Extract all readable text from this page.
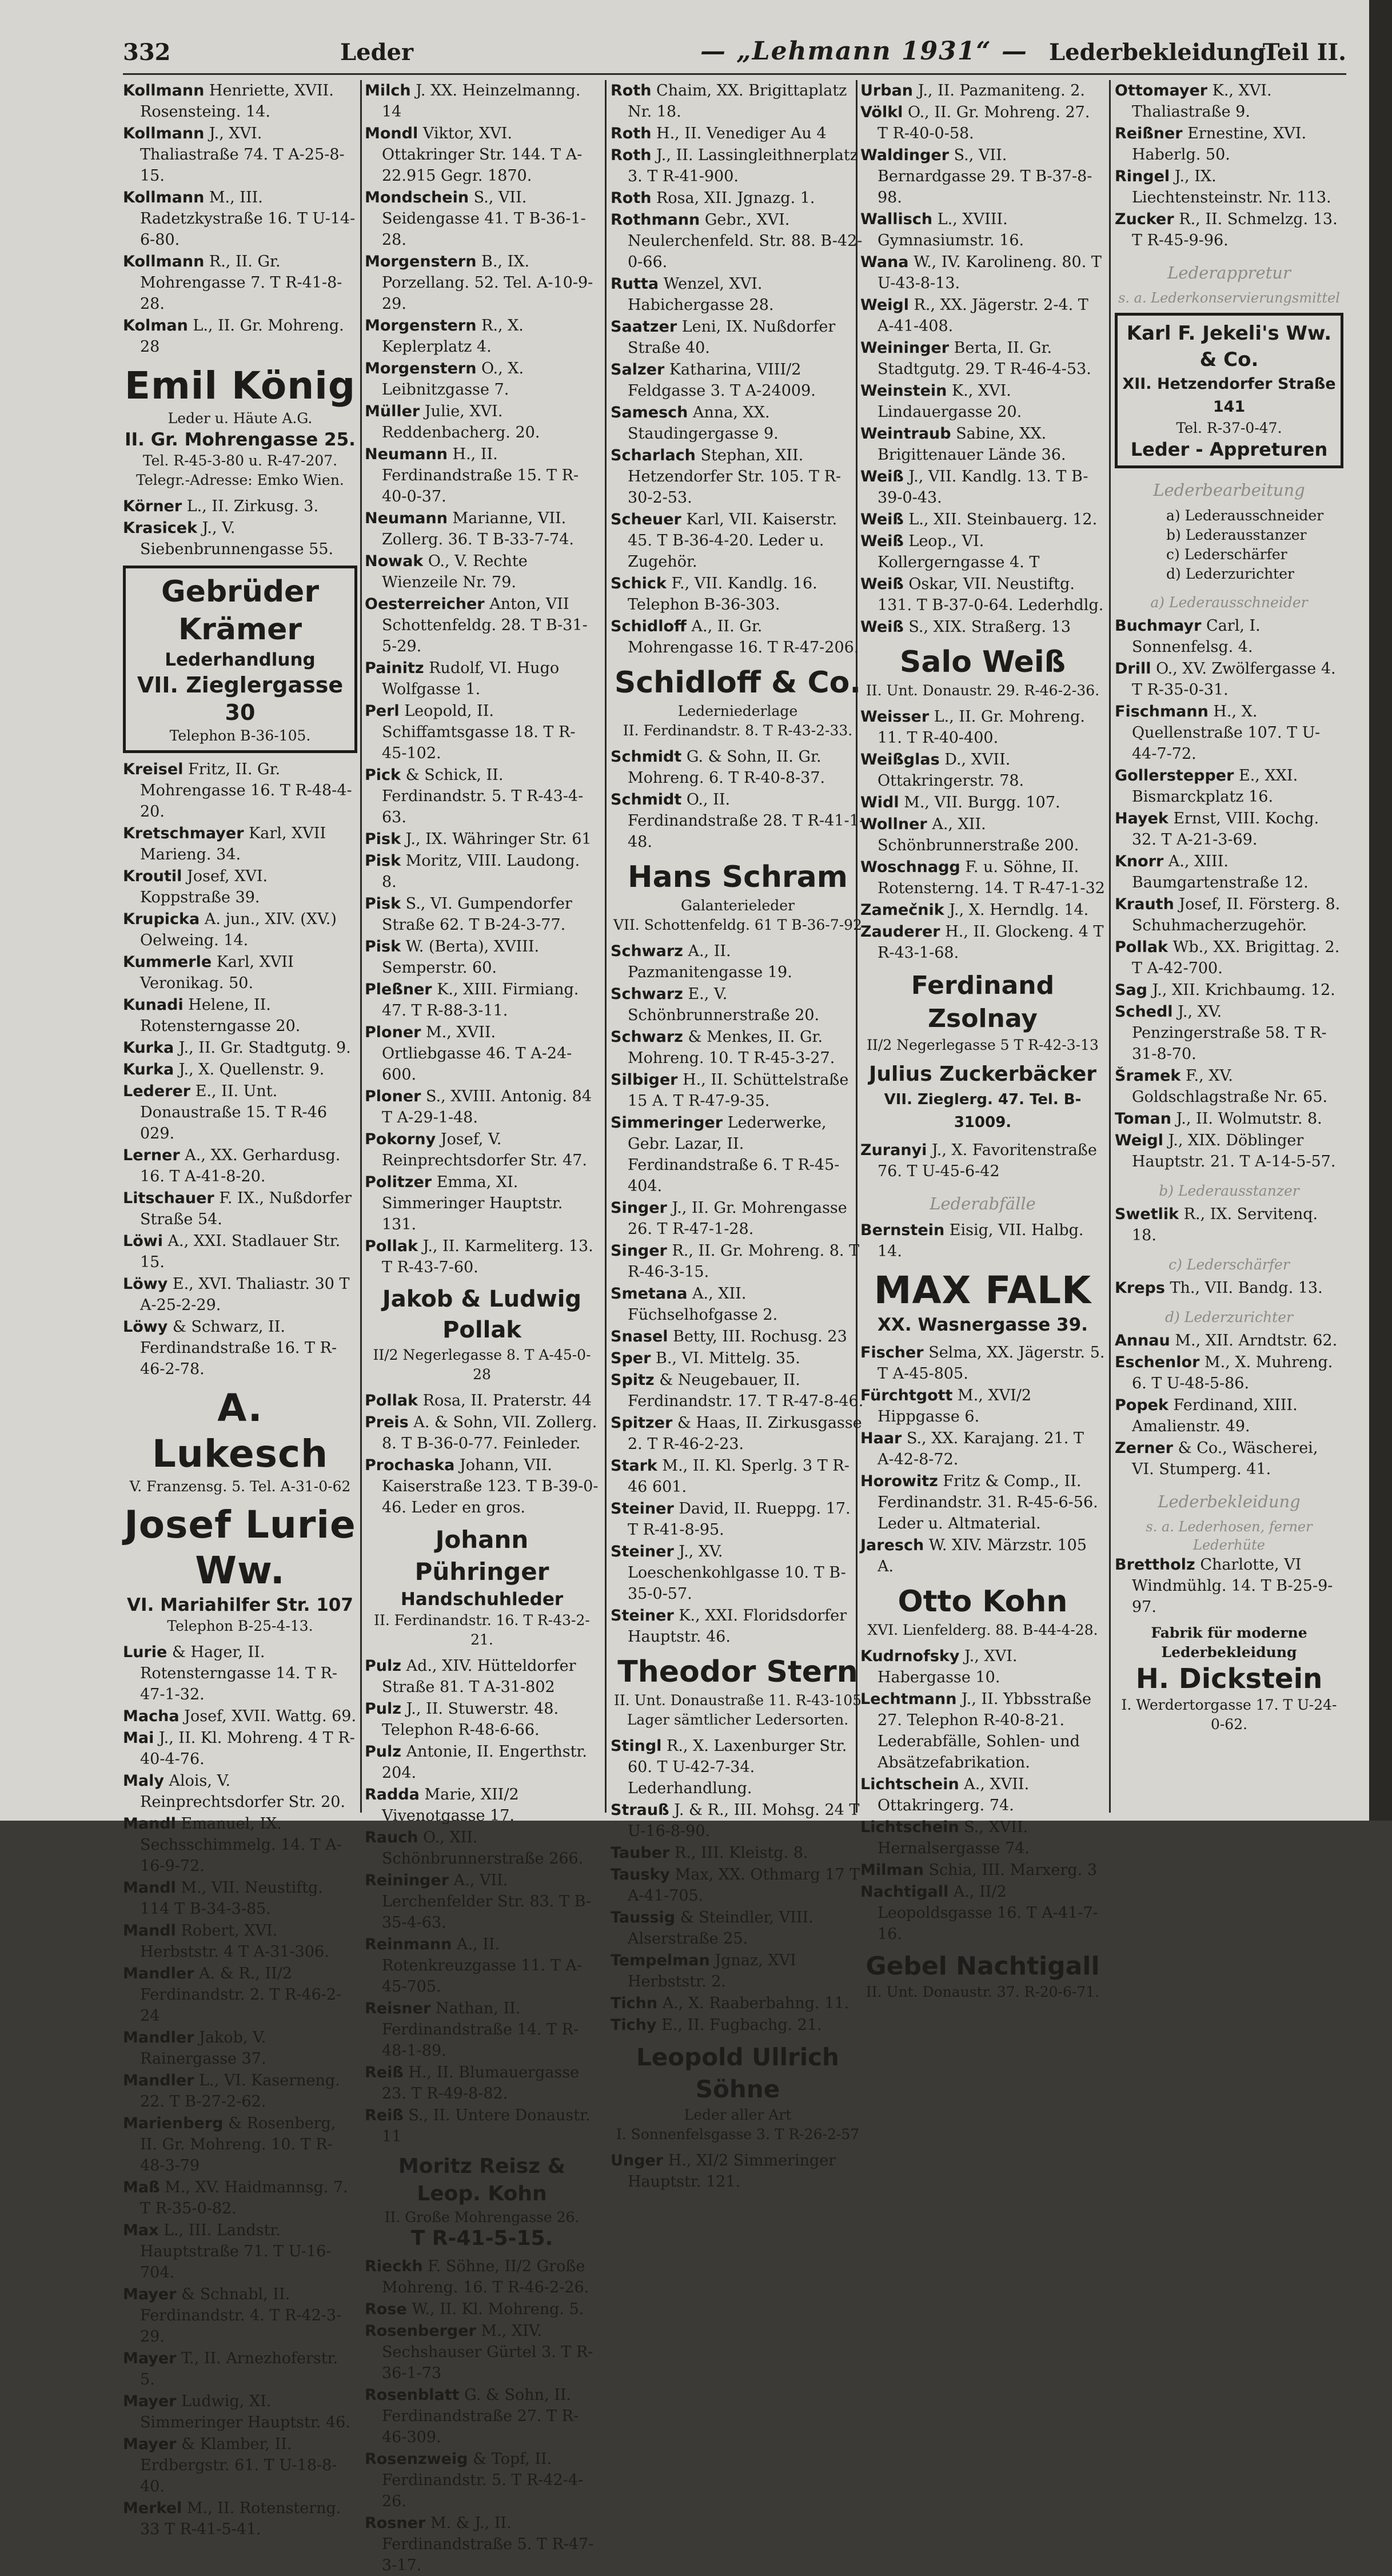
332	Leder	— „Lehmann 1931“ — Lederbekleidung
Teil II.
Kollmann Henriette, XVII. Rosensteing. 14.
Kollmann J., XVI. Thaliastraße 74. T A-25-8-15.
Kollmann M., III. Radetzkystraße 16. T U-14-6-80.
Kollmann R., II. Gr. Mohrengasse 7. T R-41-8-28.
Kolman L., II. Gr. Mohreng. 28
Emil König
Leder u. Häute A.G.
II. Gr. Mohrengasse 25.
Tel. R-45-3-80 u. R-47-207.
Telegr.-Adresse: Emko Wien.
Körner L., II. Zirkusg. 3.
Krasicek J., V. Siebenbrunnengasse 55.
Gebrüder Krämer
Lederhandlung
VII. Zieglergasse 30
Telephon B-36-105.
Kreisel Fritz, II. Gr. Mohrengasse 16. T R-48-4-20.
Kretschmayer Karl, XVII Marieng. 34.
Kroutil Josef, XVI. Koppstraße 39.
Krupicka A. jun., XIV. (XV.) Oelweing. 14.
Kummerle Karl, XVII Veronikag. 50.
Kunadi Helene, II. Rotensterngasse 20.
Kurka J., II. Gr. Stadtgutg. 9.
Kurka J., X. Quellenstr. 9.
Lederer E., II. Unt. Donaustraße 15. T R-46 029.
Lerner A., XX. Gerhardusg. 16. T A-41-8-20.
Litschauer F. IX., Nußdorfer Straße 54.
Löwi A., XXI. Stadlauer Str. 15.
Löwy E., XVI. Thaliastr. 30 T A-25-2-29.
Löwy & Schwarz, II. Ferdinandstraße 16. T R-46-2-78.
A. Lukesch
V. Franzensg. 5. Tel. A-31-0-62
Josef Lurie Ww.
VI. Mariahilfer Str. 107
Telephon B-25-4-13.
Lurie & Hager, II. Rotensterngasse 14. T R-47-1-32.
Macha Josef, XVII. Wattg. 69.
Mai J., II. Kl. Mohreng. 4 T R-40-4-76.
Maly Alois, V. Reinprechtsdorfer Str. 20.
Mandl Emanuel, IX. Sechsschimmelg. 14. T A-16-9-72.
Mandl M., VII. Neustiftg. 114 T B-34-3-85.
Mandl Robert, XVI. Herbststr. 4 T A-31-306.
Mandler A. & R., II/2 Ferdinandstr. 2. T R-46-2-24
Mandler Jakob, V. Rainergasse 37.
Mandler L., VI. Kaserneng. 22. T B-27-2-62.
Marienberg & Rosenberg, II. Gr. Mohreng. 10. T R-48-3-79
Maß M., XV. Haidmannsg. 7. T R-35-0-82.
Max L., III. Landstr. Hauptstraße 71. T U-16-704.
Mayer & Schnabl, II. Ferdinandstr. 4. T R-42-3-29.
Mayer T., II. Arnezhoferstr. 5.
Mayer Ludwig, XI. Simmeringer Hauptstr. 46.
Mayer & Klamber, II. Erdbergstr. 61. T U-18-8-40.
Merkel M., II. Rotensterng. 33 T R-41-5-41.
Milch J. XX. Heinzelmanng. 14
Mondl Viktor, XVI. Ottakringer Str. 144. T A-22.915 Gegr. 1870.
Mondschein S., VII. Seidengasse 41. T B-36-1-28.
Morgenstern B., IX. Porzellang. 52. Tel. A-10-9-29.
Morgenstern R., X. Keplerplatz 4.
Morgenstern O., X. Leibnitzgasse 7.
Müller Julie, XVI. Reddenbacherg. 20.
Neumann H., II. Ferdinandstraße 15. T R-40-0-37.
Neumann Marianne, VII. Zollerg. 36. T B-33-7-74.
Nowak O., V. Rechte Wienzeile Nr. 79.
Oesterreicher Anton, VII Schottenfeldg. 28. T B-31-5-29.
Painitz Rudolf, VI. Hugo Wolfgasse 1.
Perl Leopold, II. Schiffamtsgasse 18. T R-45-102.
Pick & Schick, II. Ferdinandstr. 5. T R-43-4-63.
Pisk J., IX. Währinger Str. 61
Pisk Moritz, VIII. Laudong. 8.
Pisk S., VI. Gumpendorfer Straße 62. T B-24-3-77.
Pisk W. (Berta), XVIII. Semperstr. 60.
Pleßner K., XIII. Firmiang. 47. T R-88-3-11.
Ploner M., XVII. Ortliebgasse 46. T A-24-600.
Ploner S., XVIII. Antonig. 84 T A-29-1-48.
Pokorny Josef, V. Reinprechtsdorfer Str. 47.
Politzer Emma, XI. Simmeringer Hauptstr. 131.
Pollak J., II. Karmeliterg. 13. T R-43-7-60.
Jakob & Ludwig Pollak
II/2 Negerlegasse 8. T A-45-0-28
Pollak Rosa, II. Praterstr. 44
Preis A. & Sohn, VII. Zollerg. 8. T B-36-0-77. Feinleder.
Prochaska Johann, VII. Kaiserstraße 123. T B-39-0-46. Leder en gros.
Johann Pühringer
Handschuhleder
II. Ferdinandstr. 16. T R-43-2-21.
Pulz Ad., XIV. Hütteldorfer Straße 81. T A-31-802
Pulz J., II. Stuwerstr. 48. Telephon R-48-6-66.
Pulz Antonie, II. Engerthstr. 204.
Radda Marie, XII/2 Vivenotgasse 17.
Rauch O., XII. Schönbrunnerstraße 266.
Reininger A., VII. Lerchenfelder Str. 83. T B-35-4-63.
Reinmann A., II. Rotenkreuzgasse 11. T A-45-705.
Reisner Nathan, II. Ferdinandstraße 14. T R-48-1-89.
Reiß H., II. Blumauergasse 23. T R-49-8-82.
Reiß S., II. Untere Donaustr. 11
Moritz Reisz & Leop. Kohn
II. Große Mohrengasse 26.
T R-41-5-15.
Rieckh F. Söhne, II/2 Große Mohreng. 16. T R-46-2-26.
Rose W., II. Kl. Mohreng. 5.
Rosenberger M., XIV. Sechshauser Gürtel 3. T R-36-1-73
Rosenblatt G. & Sohn, II. Ferdinandstraße 27. T R-46-309.
Rosenzweig & Topf, II. Ferdinandstr. 5. T R-42-4-26.
Rosner M. & J., II. Ferdinandstraße 5. T R-47-3-17.
Roth Chaim, XX. Brigittaplatz Nr. 18.
Roth H., II. Venediger Au 4
Roth J., II. Lassingleithnerplatz 3. T R-41-900.
Roth Rosa, XII. Jgnazg. 1.
Rothmann Gebr., XVI. Neulerchenfeld. Str. 88. B-42-0-66.
Rutta Wenzel, XVI. Habichergasse 28.
Saatzer Leni, IX. Nußdorfer Straße 40.
Salzer Katharina, VIII/2 Feldgasse 3. T A-24009.
Samesch Anna, XX. Staudingergasse 9.
Scharlach Stephan, XII. Hetzendorfer Str. 105. T R-30-2-53.
Scheuer Karl, VII. Kaiserstr. 45. T B-36-4-20. Leder u. Zugehör.
Schick F., VII. Kandlg. 16. Telephon B-36-303.
Schidloff A., II. Gr. Mohrengasse 16. T R-47-206.
Schidloff & Co.
Lederniederlage
II. Ferdinandstr. 8. T R-43-2-33.
Schmidt G. & Sohn, II. Gr. Mohreng. 6. T R-40-8-37.
Schmidt O., II. Ferdinandstraße 28. T R-41-1-48.
Hans Schram
Galanterieleder
VII. Schottenfeldg. 61 T B-36-7-92
Schwarz A., II. Pazmanitengasse 19.
Schwarz E., V. Schönbrunnerstraße 20.
Schwarz & Menkes, II. Gr. Mohreng. 10. T R-45-3-27.
Silbiger H., II. Schüttelstraße 15 A. T R-47-9-35.
Simmeringer Lederwerke, Gebr. Lazar, II. Ferdinandstraße 6. T R-45-404.
Singer J., II. Gr. Mohrengasse 26. T R-47-1-28.
Singer R., II. Gr. Mohreng. 8. T R-46-3-15.
Smetana A., XII. Füchselhofgasse 2.
Snasel Betty, III. Rochusg. 23
Sper B., VI. Mittelg. 35.
Spitz & Neugebauer, II. Ferdinandstr. 17. T R-47-8-46.
Spitzer & Haas, II. Zirkusgasse 2. T R-46-2-23.
Stark M., II. Kl. Sperlg. 3 T R-46 601.
Steiner David, II. Rueppg. 17. T R-41-8-95.
Steiner J., XV. Loeschenkohlgasse 10. T B-35-0-57.
Steiner K., XXI. Floridsdorfer Hauptstr. 46.
Theodor Stern
II. Unt. Donaustraße 11. R-43-105
Lager sämtlicher Ledersorten.
Stingl R., X. Laxenburger Str. 60. T U-42-7-34. Lederhandlung.
Strauß J. & R., III. Mohsg. 24 T U-16-8-90.
Tauber R., III. Kleistg. 8.
Tausky Max, XX. Othmarg 17 T A-41-705.
Taussig & Steindler, VIII. Alserstraße 25.
Tempelman Jgnaz, XVI Herbststr. 2.
Tichn A., X. Raaberbahng. 11.
Tichy E., II. Fugbachg. 21.
Leopold Ullrich Söhne
Leder aller Art
I. Sonnenfelsgasse 3. T R-26-2-57
Unger H., XI/2 Simmeringer Hauptstr. 121.
Urban J., II. Pazmaniteng. 2.
Völkl O., II. Gr. Mohreng. 27. T R-40-0-58.
Waldinger S., VII. Bernardgasse 29. T B-37-8-98.
Wallisch L., XVIII. Gymnasiumstr. 16.
Wana W., IV. Karolineng. 80. T U-43-8-13.
Weigl R., XX. Jägerstr. 2-4. T A-41-408.
Weininger Berta, II. Gr. Stadtgutg. 29. T R-46-4-53.
Weinstein K., XVI. Lindauergasse 20.
Weintraub Sabine, XX. Brigittenauer Lände 36.
Weiß J., VII. Kandlg. 13. T B-39-0-43.
Weiß L., XII. Steinbauerg. 12.
Weiß Leop., VI. Kollergerngasse 4. T
Weiß Oskar, VII. Neustiftg. 131. T B-37-0-64. Lederhdlg.
Weiß S., XIX. Straßerg. 13
Salo Weiß
II. Unt. Donaustr. 29. R-46-2-36.
Weisser L., II. Gr. Mohreng. 11. T R-40-400.
Weißglas D., XVII. Ottakringerstr. 78.
Widl M., VII. Burgg. 107.
Wollner A., XII. Schönbrunnerstraße 200.
Woschnagg F. u. Söhne, II. Rotensterng. 14. T R-47-1-32
Zamečnik J., X. Herndlg. 14.
Zauderer H., II. Glockeng. 4 T R-43-1-68.
Ferdinand Zsolnay
II/2 Negerlegasse 5 T R-42-3-13
Julius Zuckerbäcker
VII. Zieglerg. 47. Tel. B-31009.
Zuranyi J., X. Favoritenstraße 76. T U-45-6-42
Lederabfälle
Bernstein Eisig, VII. Halbg. 14.
MAX FALK
XX. Wasnergasse 39.
Fischer Selma, XX. Jägerstr. 5. T A-45-805.
Fürchtgott M., XVI/2 Hippgasse 6.
Haar S., XX. Karajang. 21. T A-42-8-72.
Horowitz Fritz & Comp., II. Ferdinandstr. 31. R-45-6-56. Leder u. Altmaterial.
Jaresch W. XIV. Märzstr. 105 A.
Otto Kohn
XVI. Lienfelderg. 88. B-44-4-28.
Kudrnofsky J., XVI. Habergasse 10.
Lechtmann J., II. Ybbsstraße 27. Telephon R-40-8-21. Lederabfälle, Sohlen- und Absätzefabrikation.
Lichtschein A., XVII. Ottakringerg. 74.
Lichtschein S., XVII. Hernalsergasse 74.
Milman Schia, III. Marxerg. 3
Nachtigall A., II/2 Leopoldsgasse 16. T A-41-7-16.
Gebel Nachtigall
II. Unt. Donaustr. 37. R-20-6-71.
Ottomayer K., XVI. Thaliastraße 9.
Reißner Ernestine, XVI. Haberlg. 50.
Ringel J., IX. Liechtensteinstr. Nr. 113.
Zucker R., II. Schmelzg. 13. T R-45-9-96.
Lederappretur
s. a. Lederkonservierungsmittel
Karl F. Jekeli's Ww. & Co.
XII. Hetzendorfer Straße 141
Tel. R-37-0-47.
Leder - Appreturen
Lederbearbeitung
a) Lederausschneider
b) Lederausstanzer
c) Lederschärfer
d) Lederzurichter
a) Lederausschneider
Buchmayr Carl, I. Sonnenfelsg. 4.
Drill O., XV. Zwölfergasse 4. T R-35-0-31.
Fischmann H., X. Quellenstraße 107. T U-44-7-72.
Gollerstepper E., XXI. Bismarckplatz 16.
Hayek Ernst, VIII. Kochg. 32. T A-21-3-69.
Knorr A., XIII. Baumgartenstraße 12.
Krauth Josef, II. Försterg. 8. Schuhmacherzugehör.
Pollak Wb., XX. Brigittag. 2. T A-42-700.
Sag J., XII. Krichbaumg. 12.
Schedl J., XV. Penzingerstraße 58. T R-31-8-70.
Šramek F., XV. Goldschlagstraße Nr. 65.
Toman J., II. Wolmutstr. 8.
Weigl J., XIX. Döblinger Hauptstr. 21. T A-14-5-57.
b) Lederausstanzer
Swetlik R., IX. Servitenq. 18.
c) Lederschärfer
Kreps Th., VII. Bandg. 13.
d) Lederzurichter
Annau M., XII. Arndtstr. 62.
Eschenlor M., X. Muhreng. 6. T U-48-5-86.
Popek Ferdinand, XIII. Amalienstr. 49.
Zerner & Co., Wäscherei, VI. Stumperg. 41.
Lederbekleidung
s. a. Lederhosen, ferner Lederhüte
Brettholz Charlotte, VI Windmühlg. 14. T B-25-9-97.
Fabrik für moderne Lederbekleidung
H. Dickstein
I. Werdertorgasse 17. T U-24-0-62.
